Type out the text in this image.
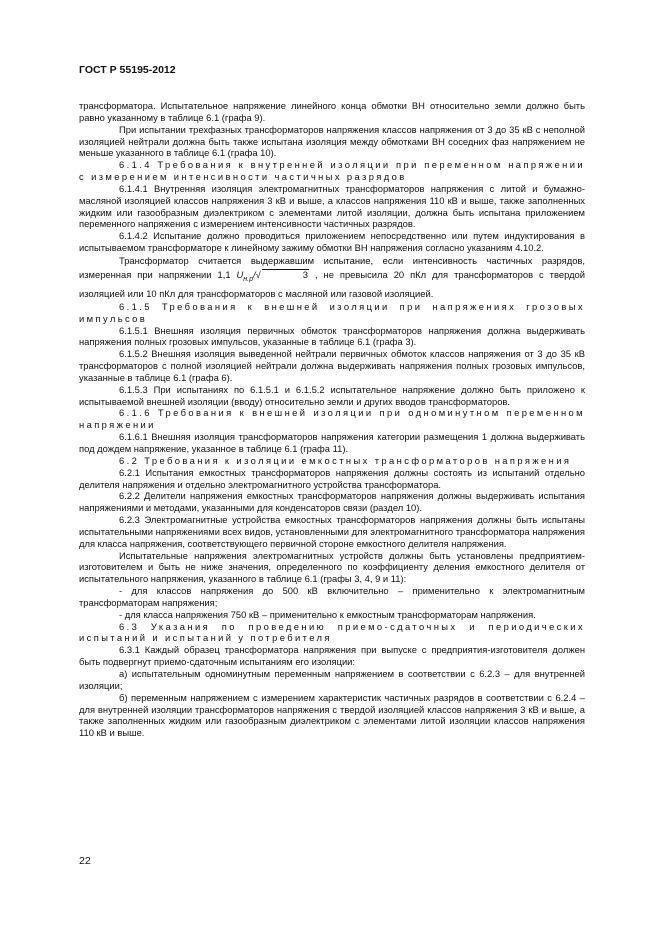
ГОСТ Р 55195-2012

трансформатора. Испытательное напряжение линейного конца обмотки ВН относительно земли должно быть равно указанному в таблице 6.1 (графа 9).

При испытании трехфазных трансформаторов напряжения классов напряжения от 3 до 35 кВ с неполной изоляцией нейтрали должна быть также испытана изоляция между обмотками ВН соседних фаз напряжением не меньше указанного в таблице 6.1 (графа 10).

6.1.4 Требования к внутренней изоляции при переменном напряжении с измерением интенсивности частичных разрядов

6.1.4.1 Внутренняя изоляция электромагнитных трансформаторов напряжения с литой и бумажно-масляной изоляцией классов напряжения 3 кВ и выше, а классов напряжения 110 кВ и выше, также заполненных жидким или газообразным диэлектриком с элементами литой изоляции, должна быть испытана приложением переменного напряжения с измерением интенсивности частичных разрядов.

6.1.4.2 Испытание должно проводиться приложением непосредственно или путем индуктирования в испытываемом трансформаторе к линейному зажиму обмотки ВН напряжения согласно указаниям 4.10.2.

Трансформатор считается выдержавшим испытание, если интенсивность частичных разрядов, измеренная при напряжении 1,1 $U_{н.р}/√$	3 , не превысила 20 пКл для трансформаторов с твердой изоляцией или 10 пКл для трансформаторов с масляной или газовой изоляцией.

6.1.5 Требования к внешней изоляции при напряжениях грозовых импульсов

6.1.5.1 Внешняя изоляция первичных обмоток трансформаторов напряжения должна выдерживать напряжения полных грозовых импульсов, указанные в таблице 6.1 (графа 3).

6.1.5.2 Внешняя изоляция выведенной нейтрали первичных обмоток классов напряжения от 3 до 35 кВ трансформаторов с полной изоляцией нейтрали должна выдерживать напряжения полных грозовых импульсов, указанные в таблице 6.1 (графа 6).

6.1.5.3 При испытаниях по 6.1.5.1 и 6.1.5.2 испытательное напряжение должно быть приложено к испытываемой внешней изоляции (вводу) относительно земли и других вводов трансформаторов.

6.1.6 Требования к внешней изоляции при одноминутном переменном напряжении

6.1.6.1 Внешняя изоляция трансформаторов напряжения категории размещения 1 должна выдерживать под дождем напряжение, указанное в таблице 6.1 (графа 11).

6.2 Требования к изоляции емкостных трансформаторов напряжения

6.2.1 Испытания емкостных трансформаторов напряжения должны состоять из испытаний отдельно делителя напряжения и отдельно электромагнитного устройства трансформатора.

6.2.2 Делители напряжения емкостных трансформаторов напряжения должны выдерживать испытания напряжениями и методами, указанными для конденсаторов связи (раздел 10).

6.2.3 Электромагнитные устройства емкостных трансформаторов напряжения должны быть испытаны испытательными напряжениями всех видов, установленными для электромагнитного трансформатора напряжения для класса напряжения, соответствующего первичной стороне емкостного делителя напряжения.

Испытательные напряжения электромагнитных устройств должны быть установлены предприятием-изготовителем и быть не ниже значения, определенного по коэффициенту деления емкостного делителя от испытательного напряжения, указанного в таблице 6.1 (графы 3, 4, 9 и 11):

- для классов напряжения до 500 кВ включительно – применительно к электромагнитным трансформаторам напряжения;

- для класса напряжения 750 кВ – применительно к емкостным трансформаторам напряжения.

6.3 Указания по проведению приемо-сдаточных и периодических испытаний и испытаний у потребителя

6.3.1 Каждый образец трансформатора напряжения при выпуске с предприятия-изготовителя должен быть подвергнут приемо-сдаточным испытаниям его изоляции:

а) испытательным одноминутным переменным напряжением в соответствии с 6.2.3 – для внутренней изоляции;

б) переменным напряжением с измерением характеристик частичных разрядов в соответствии с 6.2.4 – для внутренней изоляции трансформаторов напряжения с твердой изоляцией классов напряжения 3 кВ и выше, а также заполненных жидким или газообразным диэлектриком с элементами литой изоляции классов напряжения 110 кВ и выше.

22
